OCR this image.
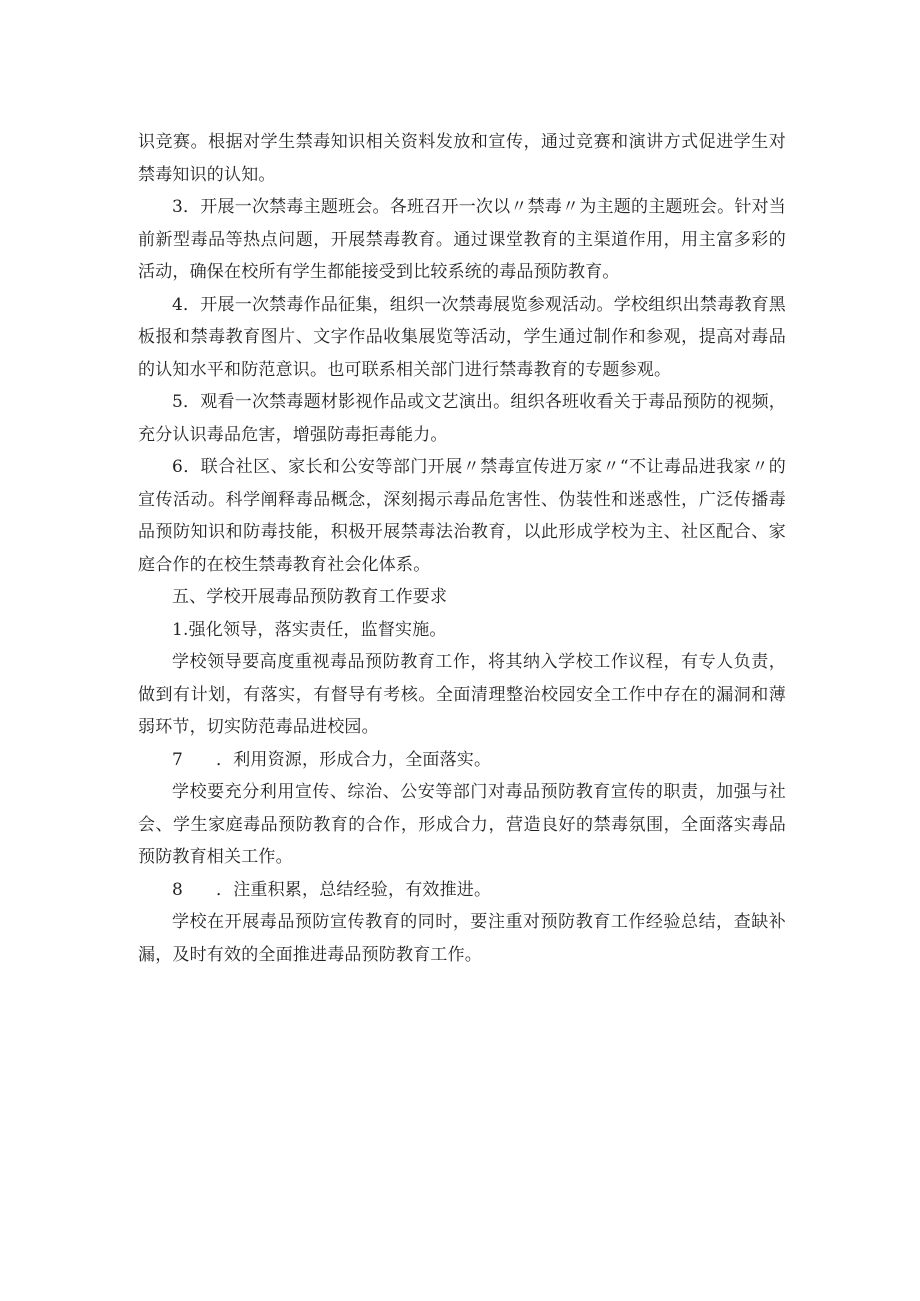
识竞赛。根据对学生禁毒知识相关资料发放和宣传，通过竞赛和演讲方式促进学生对禁毒知识的认知。

3．开展一次禁毒主题班会。各班召开一次以〃禁毒〃为主题的主题班会。针对当前新型毒品等热点问题，开展禁毒教育。通过课堂教育的主渠道作用，用主富多彩的活动，确保在校所有学生都能接受到比较系统的毒品预防教育。

4．开展一次禁毒作品征集，组织一次禁毒展览参观活动。学校组织出禁毒教育黑板报和禁毒教育图片、文字作品收集展览等活动，学生通过制作和参观，提高对毒品的认知水平和防范意识。也可联系相关部门进行禁毒教育的专题参观。

5．观看一次禁毒题材影视作品或文艺演出。组织各班收看关于毒品预防的视频，充分认识毒品危害，增强防毒拒毒能力。

6．联合社区、家长和公安等部门开展〃禁毒宣传进万家〃“不让毒品进我家〃的宣传活动。科学阐释毒品概念，深刻揭示毒品危害性、伪装性和迷惑性，广泛传播毒品预防知识和防毒技能，积极开展禁毒法治教育，以此形成学校为主、社区配合、家庭合作的在校生禁毒教育社会化体系。

五、学校开展毒品预防教育工作要求

1.强化领导，落实责任，监督实施。

学校领导要高度重视毒品预防教育工作，将其纳入学校工作议程，有专人负责，做到有计划，有落实，有督导有考核。全面清理整治校园安全工作中存在的漏洞和薄弱环节，切实防范毒品进校园。

7 ．利用资源，形成合力，全面落实。

学校要充分利用宣传、综治、公安等部门对毒品预防教育宣传的职责，加强与社会、学生家庭毒品预防教育的合作，形成合力，营造良好的禁毒氛围，全面落实毒品预防教育相关工作。

8 ．注重积累，总结经验，有效推进。

学校在开展毒品预防宣传教育的同时，要注重对预防教育工作经验总结，查缺补漏，及时有效的全面推进毒品预防教育工作。
